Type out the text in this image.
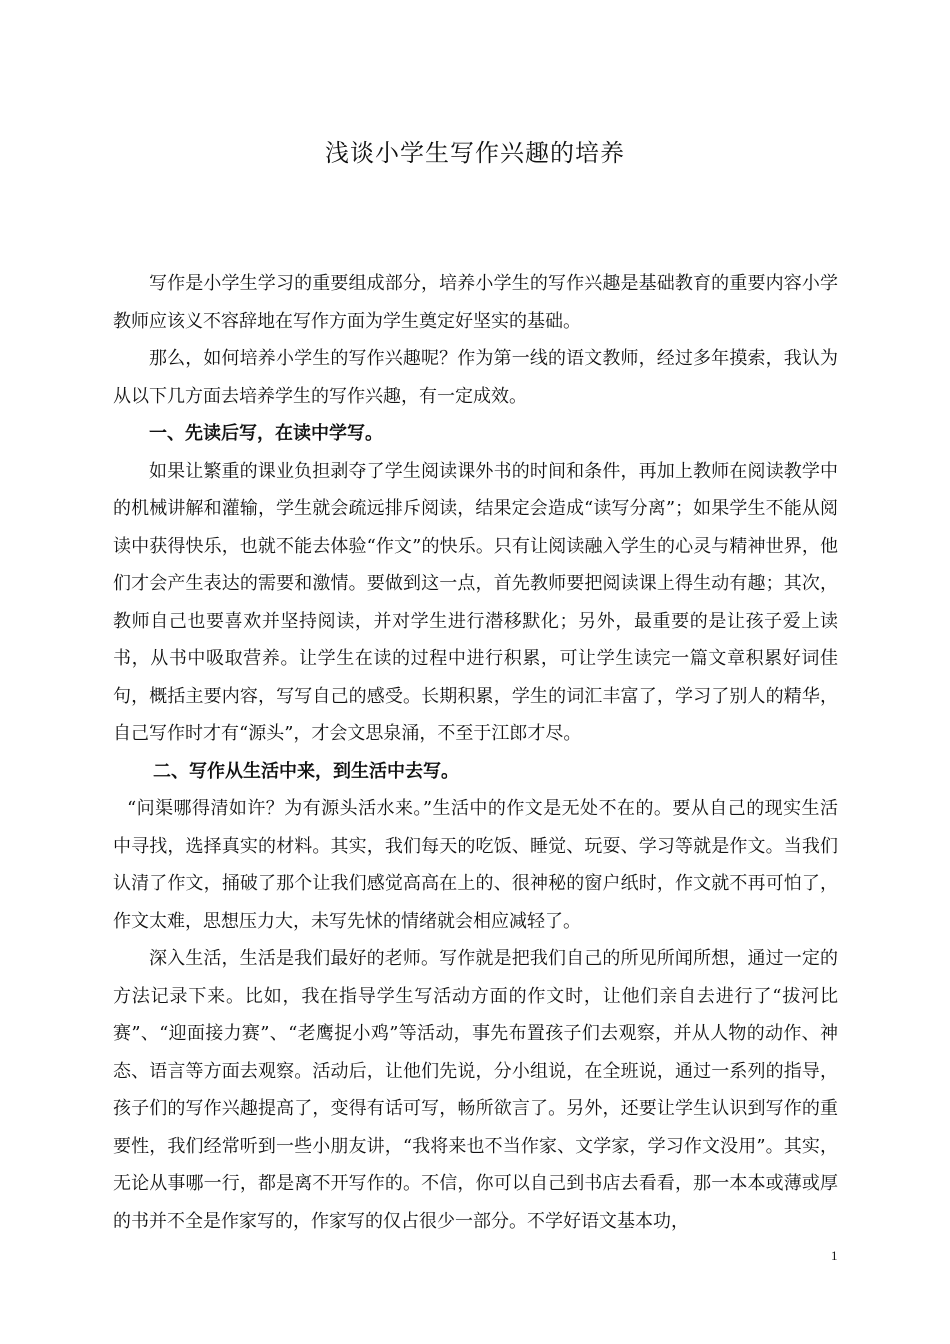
浅谈小学生写作兴趣的培养

写作是小学生学习的重要组成部分，培养小学生的写作兴趣是基础教育的重要内容小学教师应该义不容辞地在写作方面为学生奠定好坚实的基础。

那么，如何培养小学生的写作兴趣呢？作为第一线的语文教师，经过多年摸索，我认为从以下几方面去培养学生的写作兴趣，有一定成效。

一、先读后写，在读中学写。

如果让繁重的课业负担剥夺了学生阅读课外书的时间和条件，再加上教师在阅读教学中的机械讲解和灌输，学生就会疏远排斥阅读，结果定会造成“读写分离”；如果学生不能从阅读中获得快乐，也就不能去体验“作文”的快乐。只有让阅读融入学生的心灵与精神世界，他们才会产生表达的需要和激情。要做到这一点，首先教师要把阅读课上得生动有趣；其次，教师自己也要喜欢并坚持阅读，并对学生进行潜移默化；另外，最重要的是让孩子爱上读书，从书中吸取营养。让学生在读的过程中进行积累，可让学生读完一篇文章积累好词佳句，概括主要内容，写写自己的感受。长期积累，学生的词汇丰富了，学习了别人的精华，自己写作时才有“源头”，才会文思泉涌，不至于江郎才尽。

二、写作从生活中来，到生活中去写。

“问渠哪得清如许？为有源头活水来。”生活中的作文是无处不在的。要从自己的现实生活中寻找，选择真实的材料。其实，我们每天的吃饭、睡觉、玩耍、学习等就是作文。当我们认清了作文，捅破了那个让我们感觉高高在上的、很神秘的窗户纸时，作文就不再可怕了，作文太难，思想压力大，未写先怵的情绪就会相应减轻了。

深入生活，生活是我们最好的老师。写作就是把我们自己的所见所闻所想，通过一定的方法记录下来。比如，我在指导学生写活动方面的作文时，让他们亲自去进行了“拔河比赛”、“迎面接力赛”、“老鹰捉小鸡”等活动，事先布置孩子们去观察，并从人物的动作、神态、语言等方面去观察。活动后，让他们先说，分小组说，在全班说，通过一系列的指导，孩子们的写作兴趣提高了，变得有话可写，畅所欲言了。另外，还要让学生认识到写作的重要性，我们经常听到一些小朋友讲，“我将来也不当作家、文学家，学习作文没用”。其实，无论从事哪一行，都是离不开写作的。不信，你可以自己到书店去看看，那一本本或薄或厚的书并不全是作家写的，作家写的仅占很少一部分。不学好语文基本功，

1
